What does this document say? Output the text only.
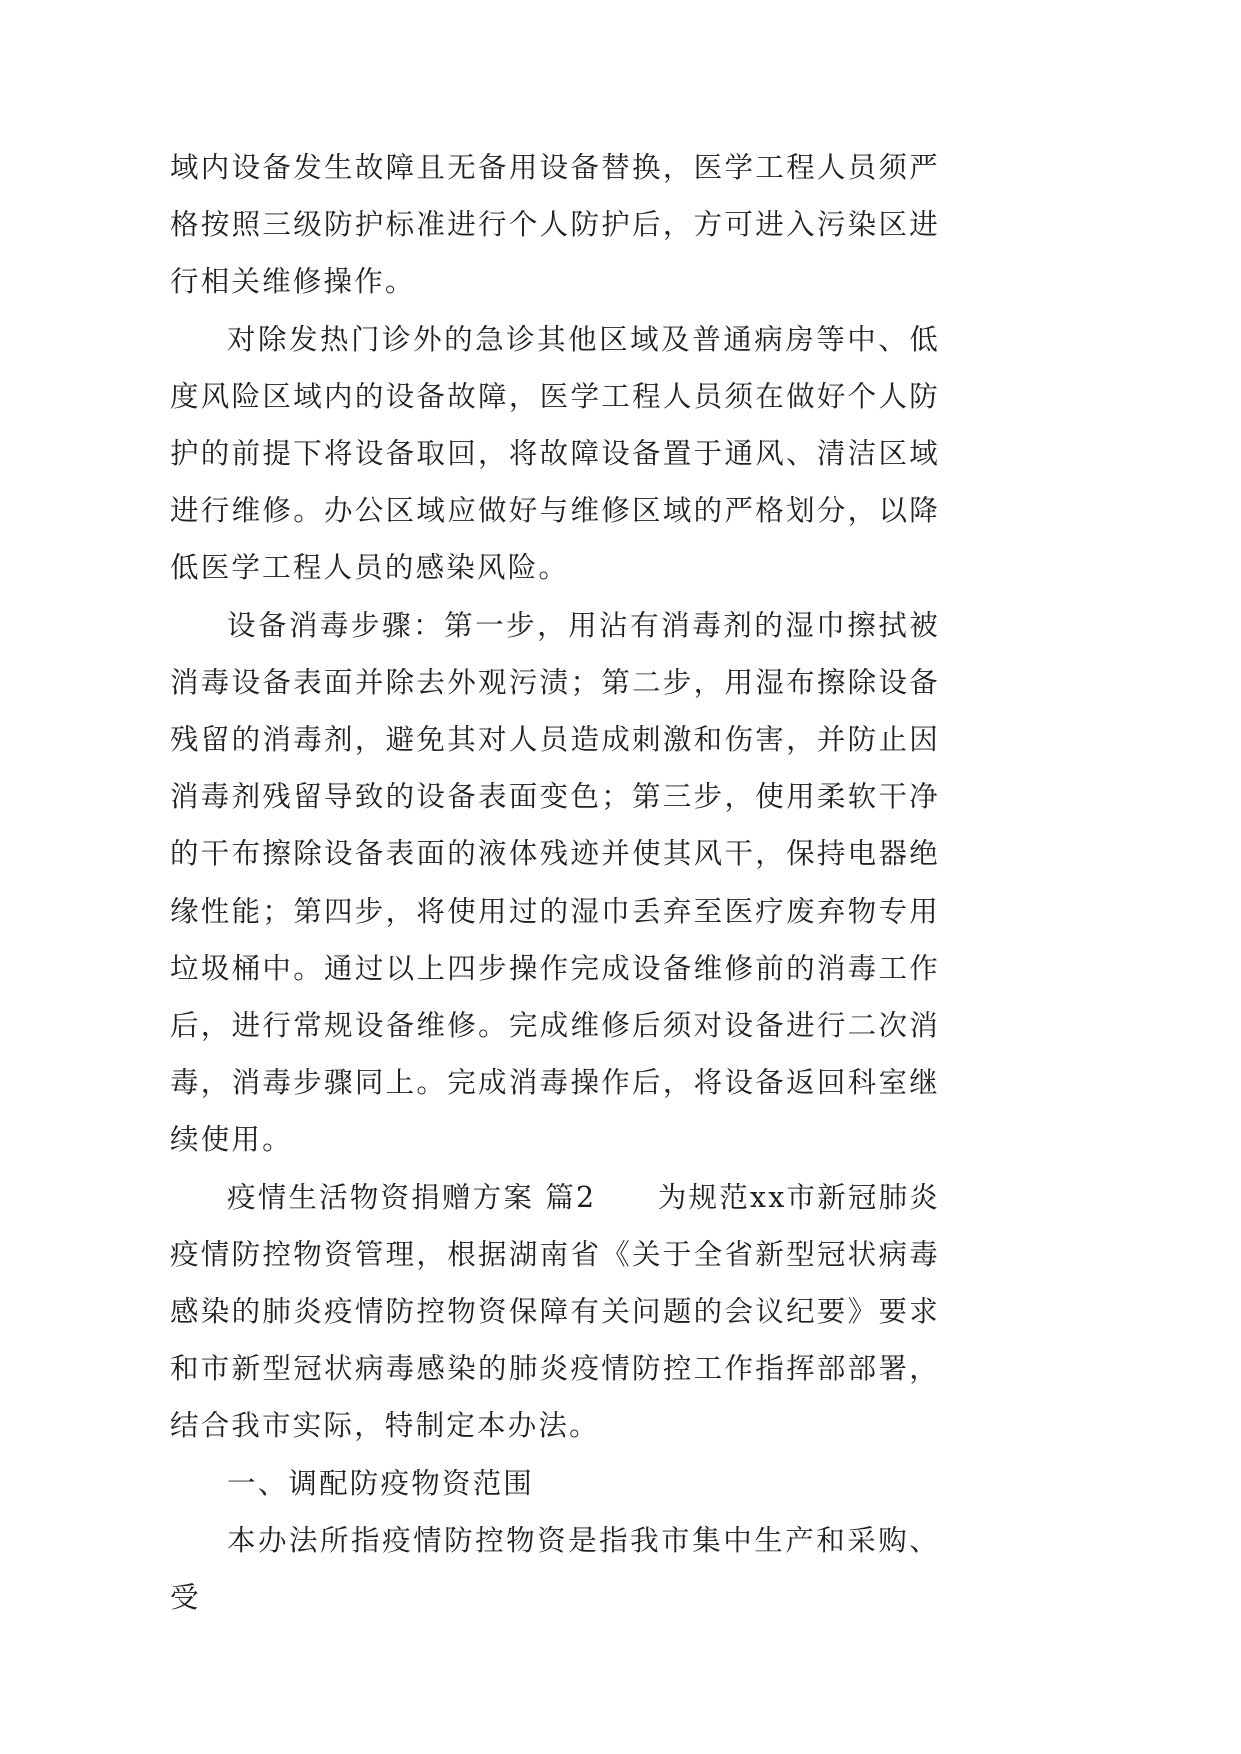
域内设备发生故障且无备用设备替换，医学工程人员须严格按照三级防护标准进行个人防护后，方可进入污染区进行相关维修操作。

对除发热门诊外的急诊其他区域及普通病房等中、低度风险区域内的设备故障，医学工程人员须在做好个人防护的前提下将设备取回，将故障设备置于通风、清洁区域进行维修。办公区域应做好与维修区域的严格划分，以降低医学工程人员的感染风险。

设备消毒步骤：第一步，用沾有消毒剂的湿巾擦拭被消毒设备表面并除去外观污渍；第二步，用湿布擦除设备残留的消毒剂，避免其对人员造成刺激和伤害，并防止因消毒剂残留导致的设备表面变色；第三步，使用柔软干净的干布擦除设备表面的液体残迹并使其风干，保持电器绝缘性能；第四步，将使用过的湿巾丢弃至医疗废弃物专用垃圾桶中。通过以上四步操作完成设备维修前的消毒工作后，进行常规设备维修。完成维修后须对设备进行二次消毒，消毒步骤同上。完成消毒操作后，将设备返回科室继续使用。

疫情生活物资捐赠方案 篇2　　为规范xx市新冠肺炎疫情防控物资管理，根据湖南省《关于全省新型冠状病毒感染的肺炎疫情防控物资保障有关问题的会议纪要》要求和市新型冠状病毒感染的肺炎疫情防控工作指挥部部署，结合我市实际，特制定本办法。

一、调配防疫物资范围

本办法所指疫情防控物资是指我市集中生产和采购、受
